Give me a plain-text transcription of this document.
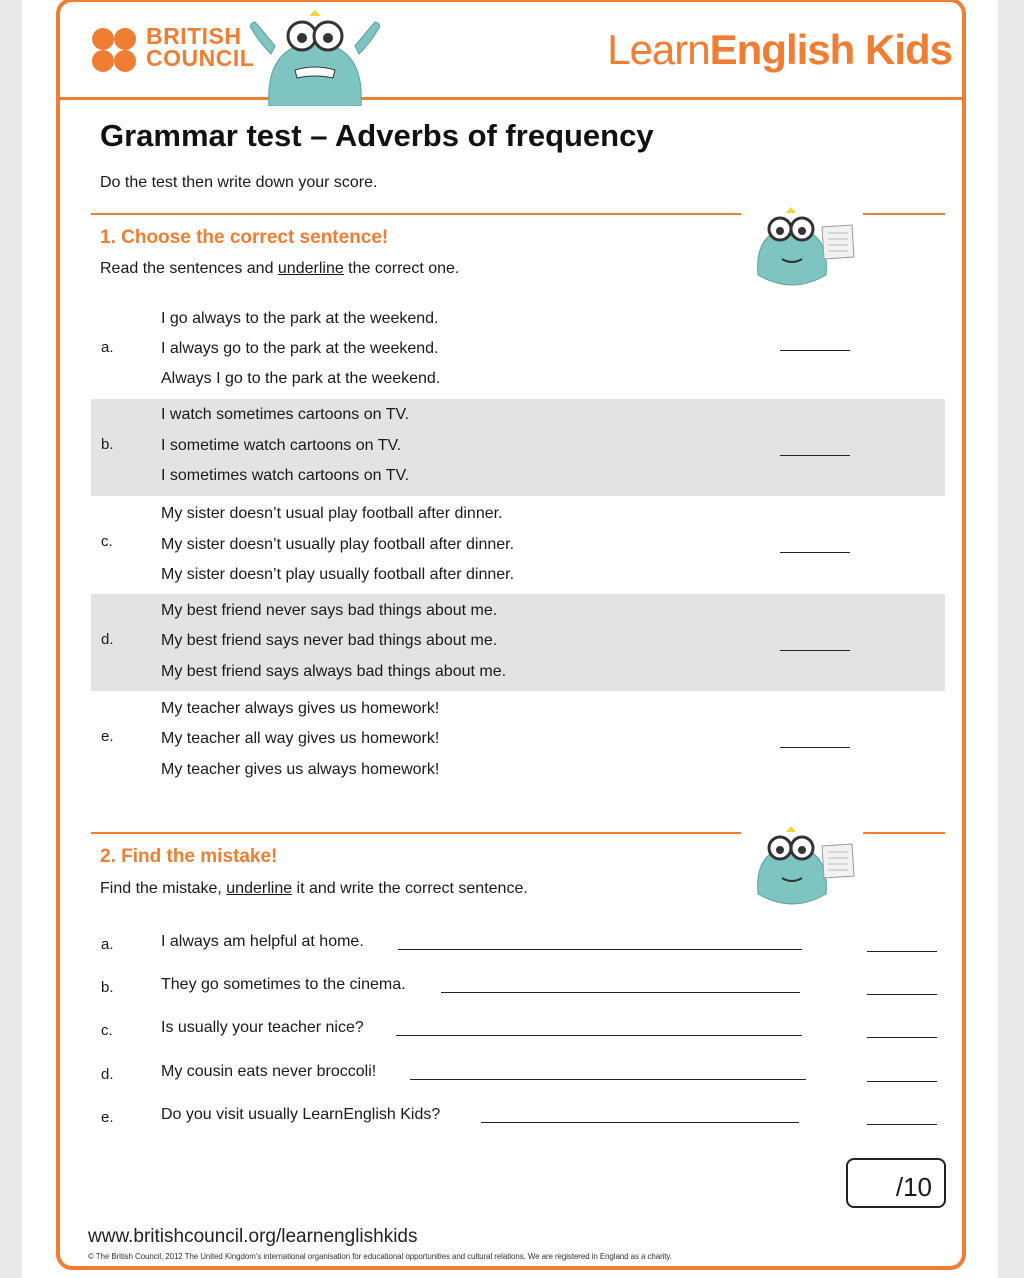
BRITISH
COUNCIL	LearnEnglish Kids
Grammar test – Adverbs of frequency
Do the test then write down your score.
1. Choose the correct sentence!
Read the sentences and underline the correct one.
a.
I go always to the park at the weekend.
I always go to the park at the weekend.
Always I go to the park at the weekend.
b.
I watch sometimes cartoons on TV.
I sometime watch cartoons on TV.
I sometimes watch cartoons on TV.
c.
My sister doesn’t usual play football after dinner.
My sister doesn’t usually play football after dinner.
My sister doesn’t play usually football after dinner.
d.
My best friend never says bad things about me.
My best friend says never bad things about me.
My best friend says always bad things about me.
e.
My teacher always gives us homework!
My teacher all way gives us homework!
My teacher gives us always homework!
2. Find the mistake!
Find the mistake, underline it and write the correct sentence.
a.	I always am helpful at home.
b.	They go sometimes to the cinema.
c.	Is usually your teacher nice?
d.	My cousin eats never broccoli!
e.	Do you visit usually LearnEnglish Kids?
/10
www.britishcouncil.org/learnenglishkids
© The British Council, 2012 The United Kingdom’s international organisation for educational opportunities and cultural relations. We are registered in England as a charity.
